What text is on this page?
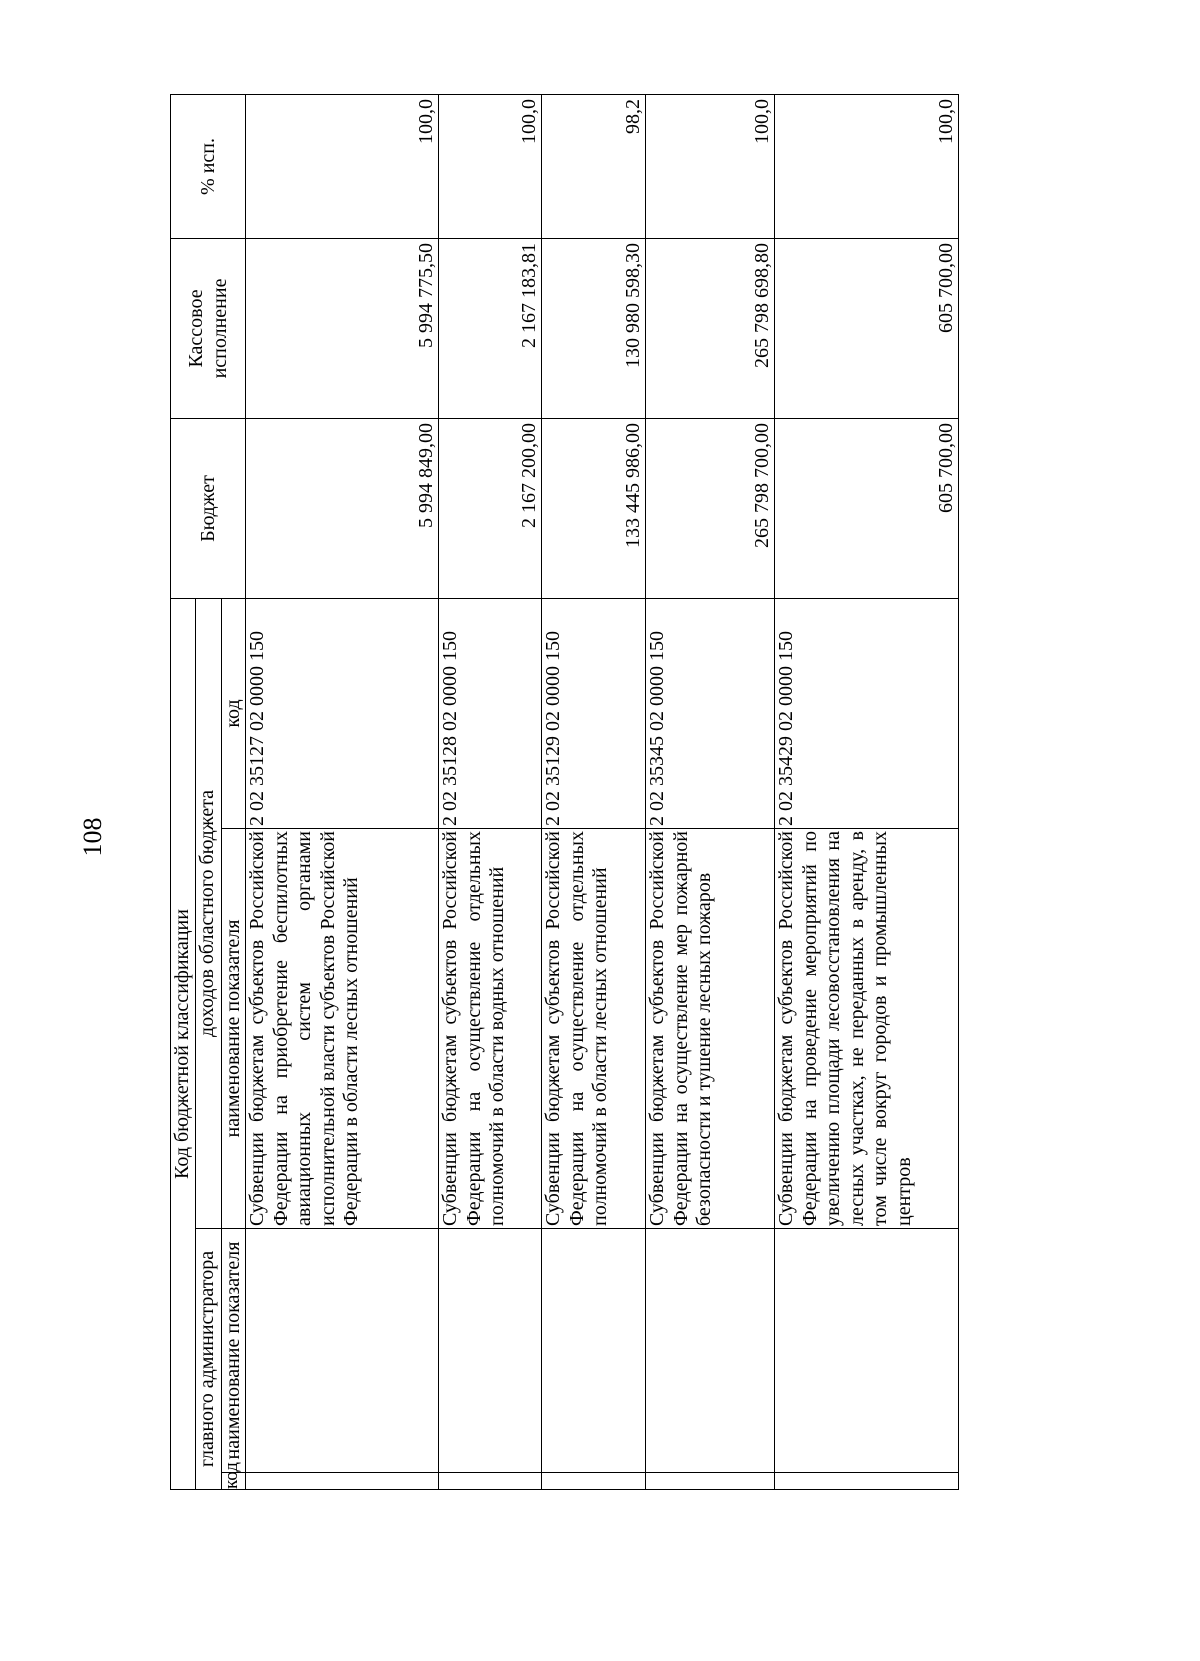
108
Код бюджетной классификации				Бюджет	Кассовое исполнение	% исп.
главного администратора		доходов областного бюджета				
код	наименование показателя	наименование показателя	код			
		Субвенции бюджетам субъектов Российской Федерации на приобретение беспилотных авиационных систем органами исполнительной власти субъектов Российской Федерации в области лесных отношений	2 02 35127 02 0000 150	5 994 849,00	5 994 775,50	100,0
		Субвенции бюджетам субъектов Российской Федерации на осуществление отдельных полномочий в области водных отношений	2 02 35128 02 0000 150	2 167 200,00	2 167 183,81	100,0
		Субвенции бюджетам субъектов Российской Федерации на осуществление отдельных полномочий в области лесных отношений	2 02 35129 02 0000 150	133 445 986,00	130 980 598,30	98,2
		Субвенции бюджетам субъектов Российской Федерации на осуществление мер пожарной безопасности и тушение лесных пожаров	2 02 35345 02 0000 150	265 798 700,00	265 798 698,80	100,0
		Субвенции бюджетам субъектов Российской Федерации на проведение мероприятий по увеличению площади лесовосстановления на лесных участках, не переданных в аренду, в том числе вокруг городов и промышленных центров	2 02 35429 02 0000 150	605 700,00	605 700,00	100,0
